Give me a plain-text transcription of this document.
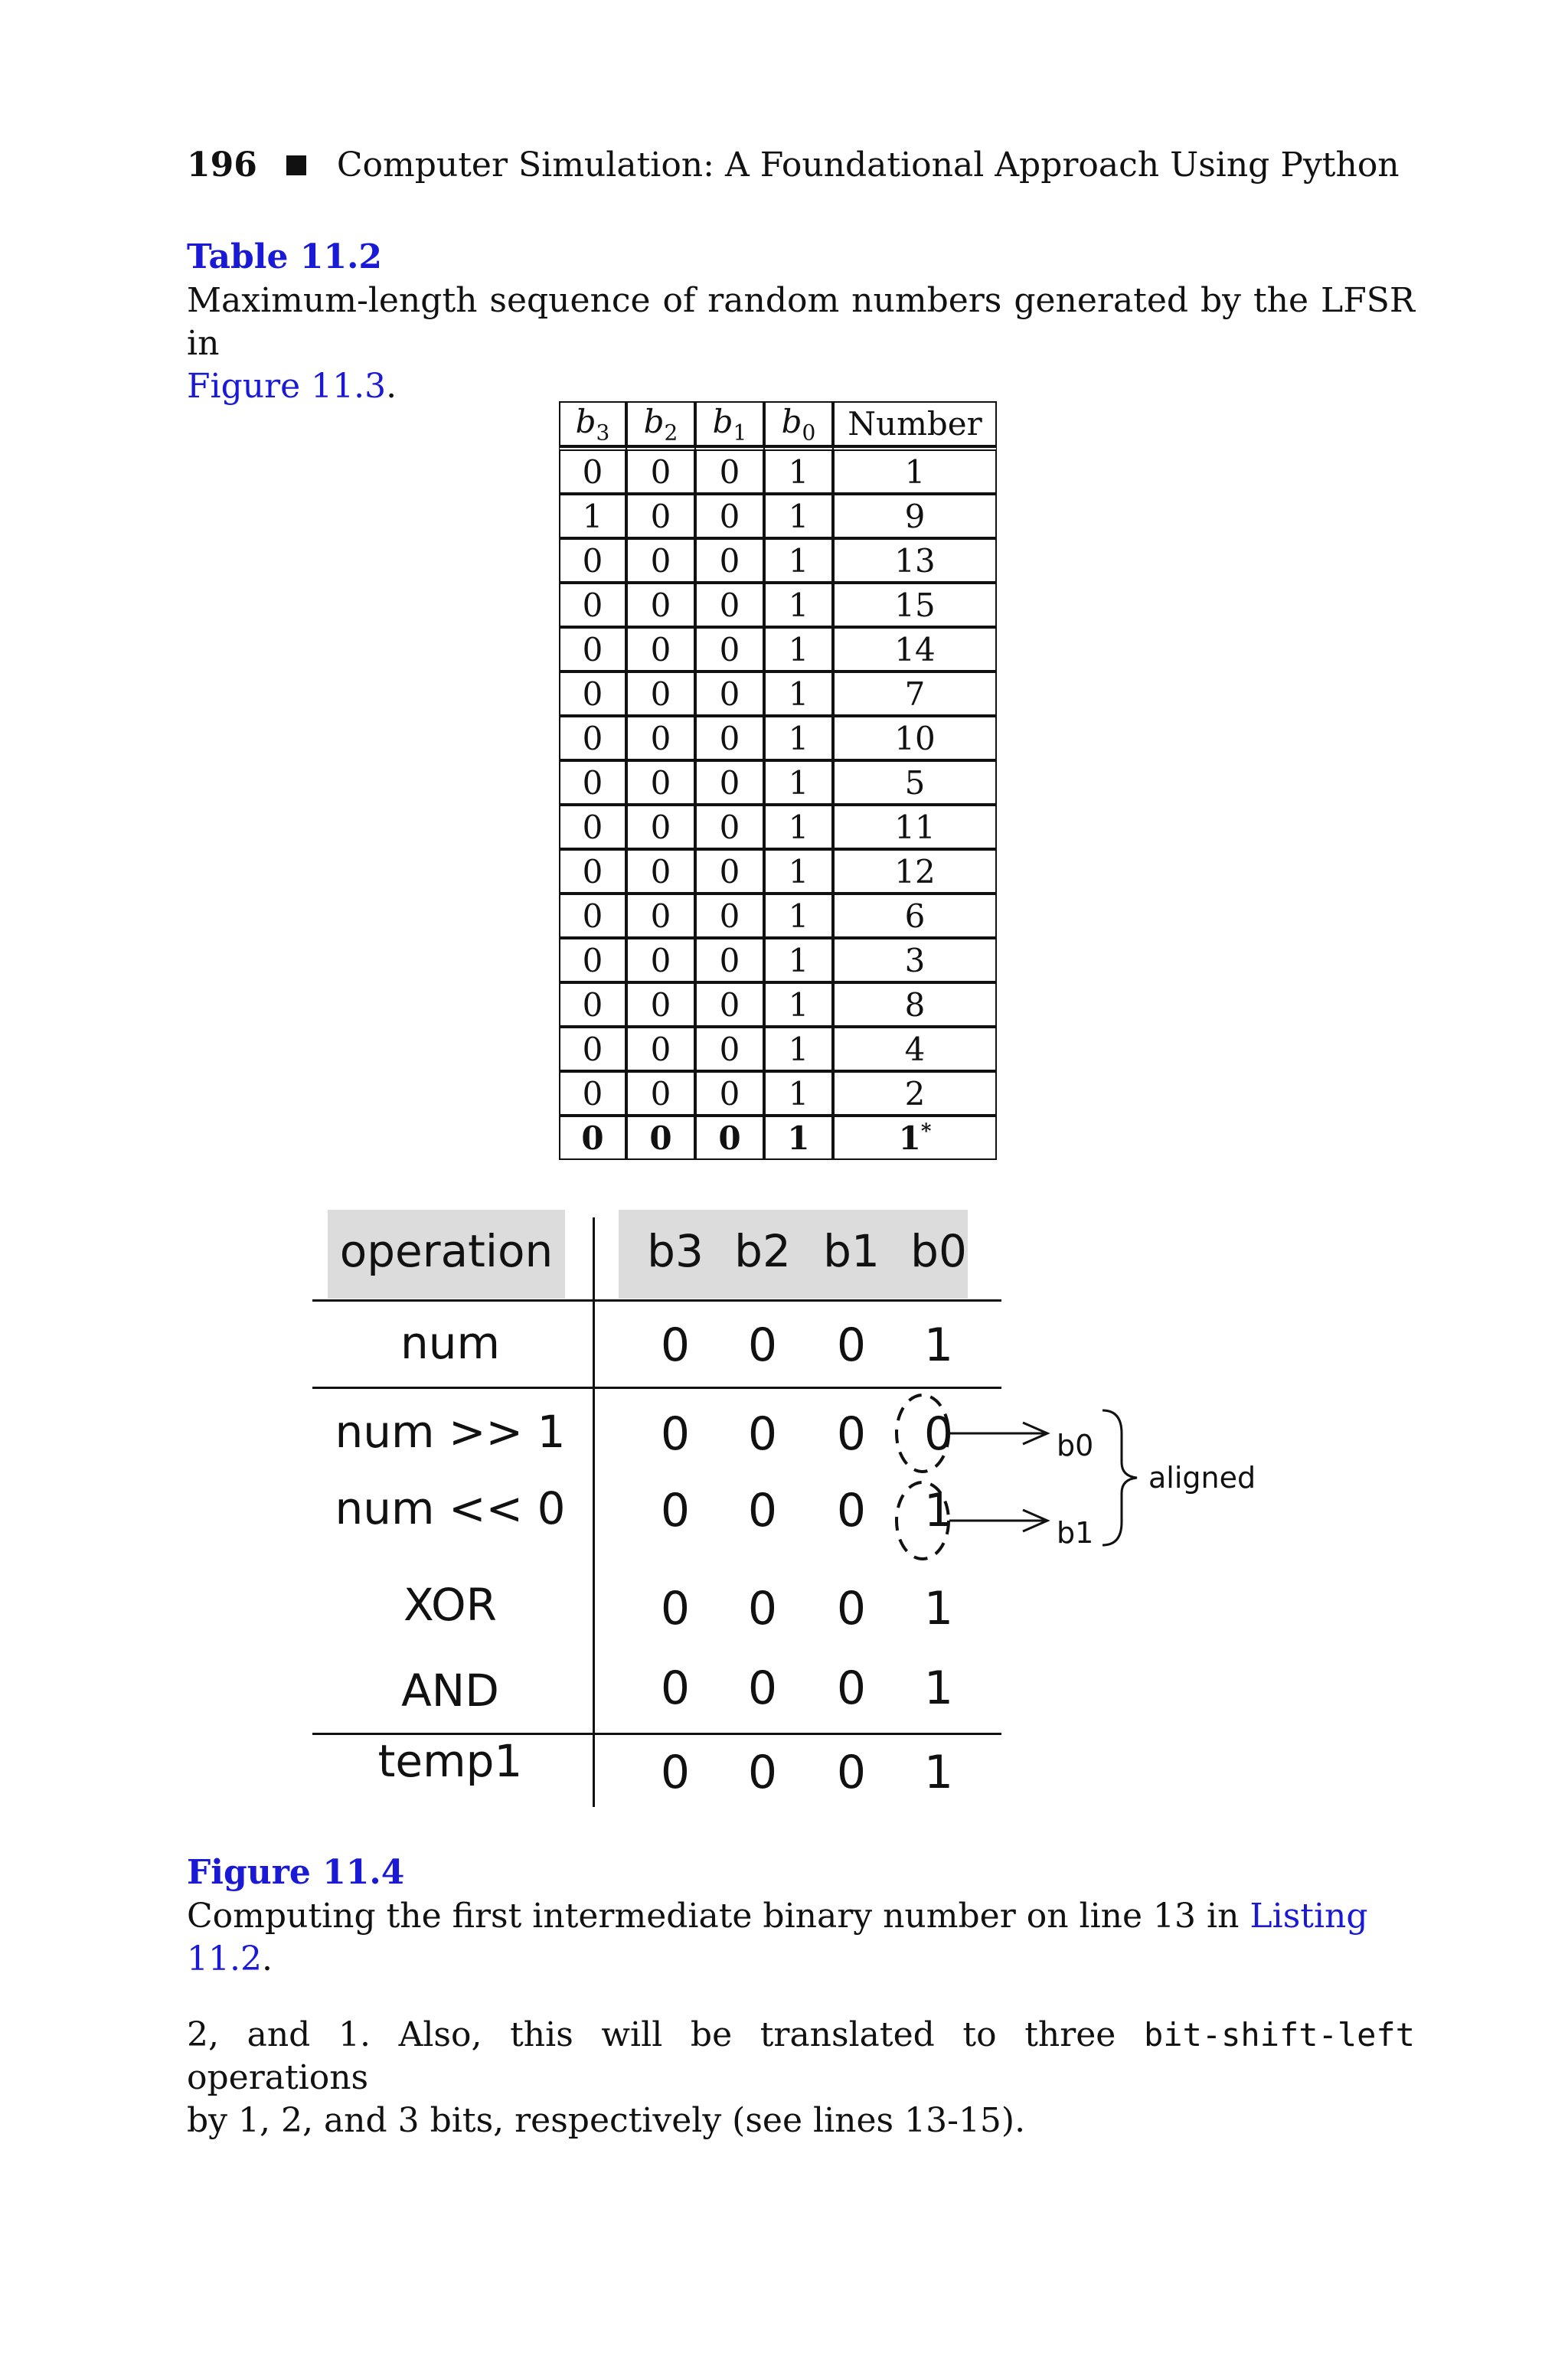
196 Computer Simulation: A Foundational Approach Using Python
Table 11.2
Maximum-length sequence of random numbers generated by the LFSR in
Figure 11.3.
$b_3$	$b_2$	$b_1$	$b_0$	Number
0	0	0	1	1
1	0	0	1	9
0	0	0	1	13
0	0	0	1	15
0	0	0	1	14
0	0	0	1	7
0	0	0	1	10
0	0	0	1	5
0	0	0	1	11
0	0	0	1	12
0	0	0	1	6
0	0	0	1	3
0	0	0	1	8
0	0	0	1	4
0	0	0	1	2
0	0	0	1	1*
operation b3 b2 b1 b0
num	0 0 0 1
num >> 1	0 0 0 0
num << 0	0 0 0 1
XOR	0 0 0 1
AND	0 0 0 1
temp1	0 0 0 1
b0
b1
aligned
Figure 11.4
Computing the first intermediate binary number on line 13 in Listing 11.2.
2, and 1. Also, this will be translated to three bit-shift-left operations
by 1, 2, and 3 bits, respectively (see lines 13-15).
